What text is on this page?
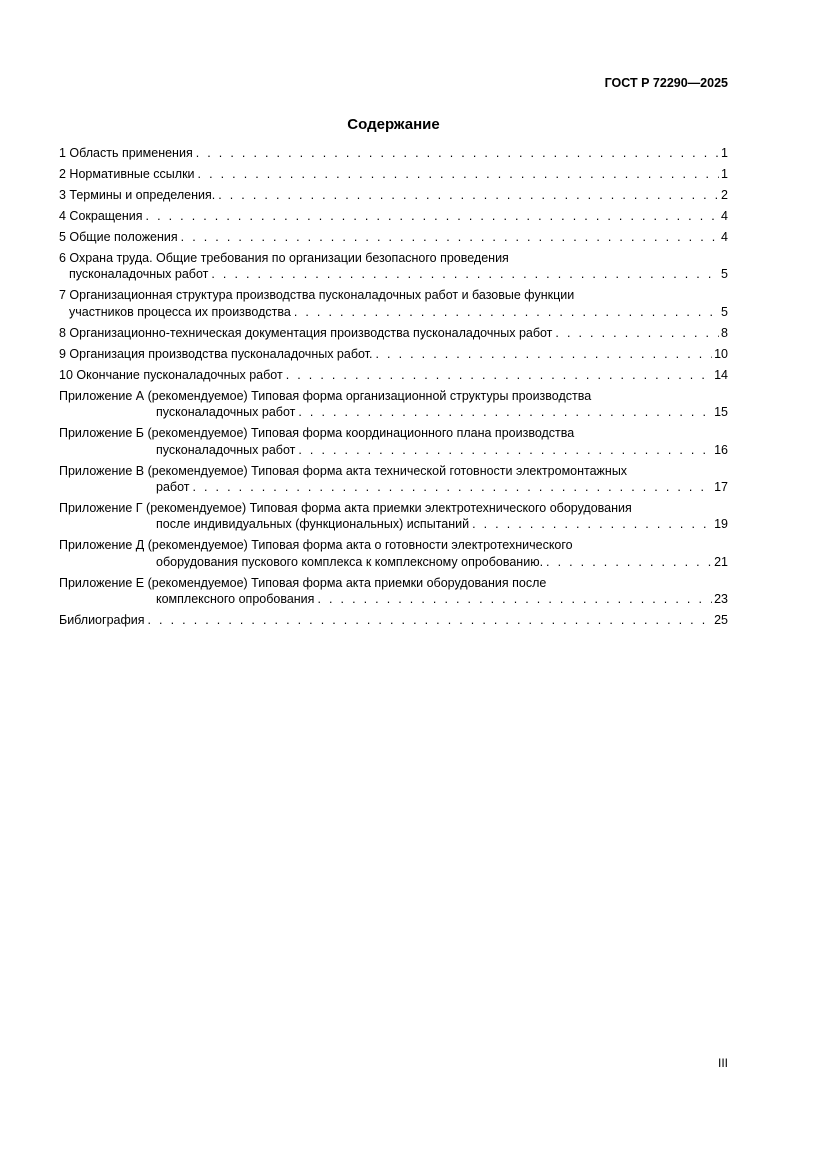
ГОСТ Р 72290—2025
Содержание
1 Область применения . . .	1
2 Нормативные ссылки . . .	1
3 Термины и определения. . . .	2
4 Сокращения . . .	4
5 Общие положения . . .	4
6 Охрана труда. Общие требования по организации безопасного проведения
пусконаладочных работ . . .	5
7 Организационная структура производства пусконаладочных работ и базовые функции
участников процесса их производства . . .	5
8 Организационно-техническая документация производства пусконаладочных работ . . .	8
9 Организация производства пусконаладочных работ. . . .	10
10 Окончание пусконаладочных работ . . .	14
Приложение А (рекомендуемое) Типовая форма организационной структуры производства
пусконаладочных работ . . .	15
Приложение Б (рекомендуемое) Типовая форма координационного плана производства
пусконаладочных работ . . .	16
Приложение В (рекомендуемое) Типовая форма акта технической готовности электромонтажных
работ . . .	17
Приложение Г (рекомендуемое) Типовая форма акта приемки электротехнического оборудования
после индивидуальных (функциональных) испытаний . . .	19
Приложение Д (рекомендуемое) Типовая форма акта о готовности электротехнического
оборудования пускового комплекса к комплексному опробованию. . . .	21
Приложение Е (рекомендуемое) Типовая форма акта приемки оборудования после
комплексного опробования . . .	23
Библиография . . .	25
III
